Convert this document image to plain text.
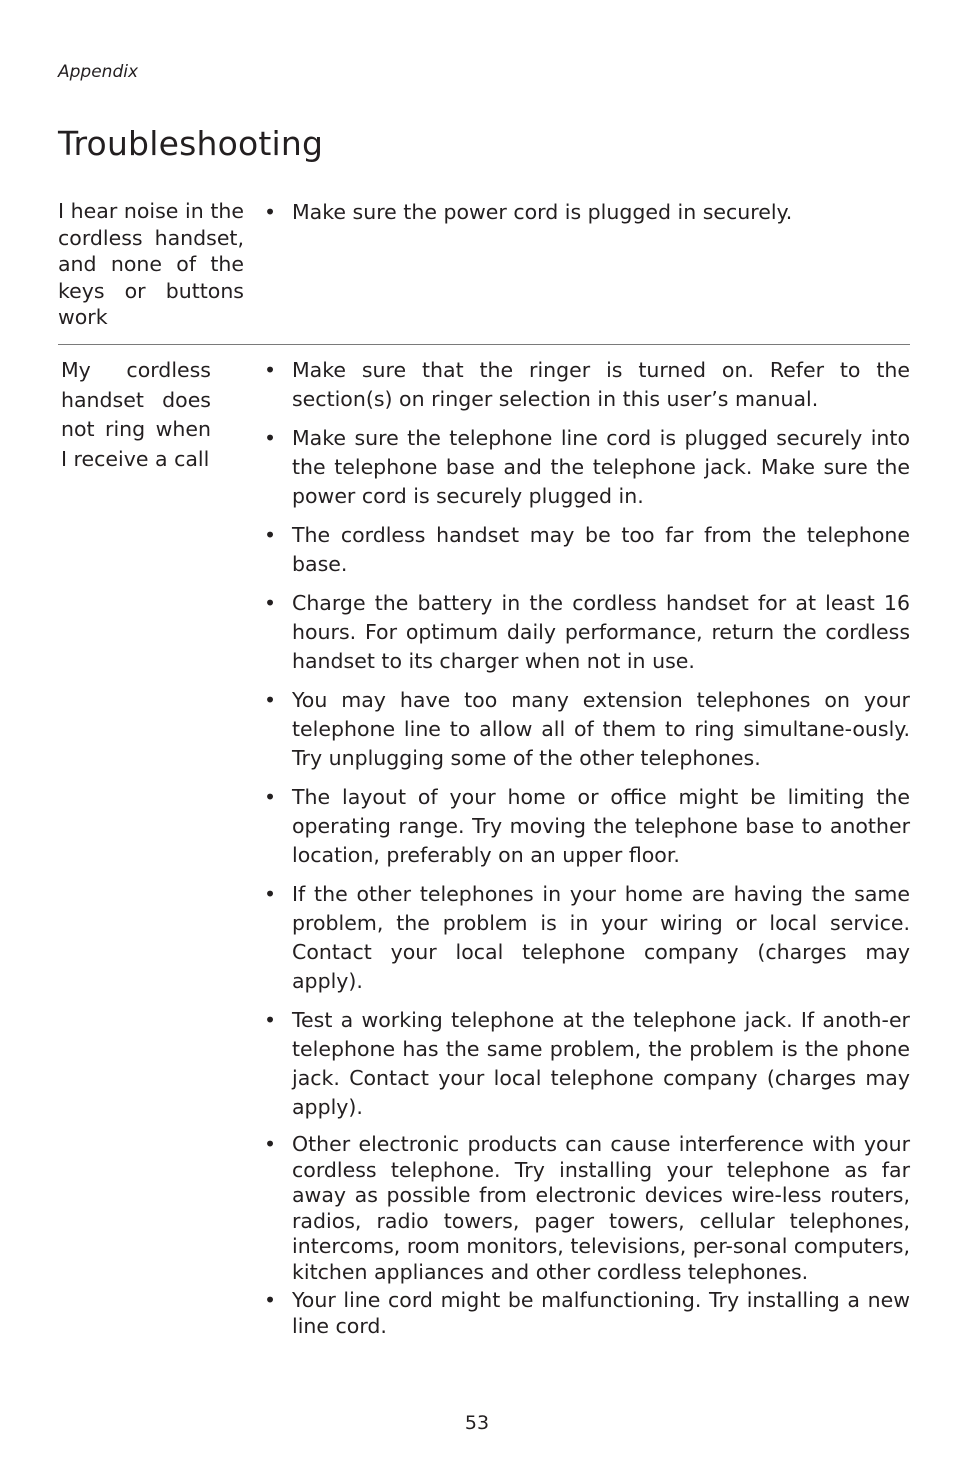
Appendix
Troubleshooting
I hear noise in the cordless handset, and none of the keys or buttons work
• Make sure the power cord is plugged in securely.
My cordless handset does not ring when I receive a call
• Make sure that the ringer is turned on. Refer to the section(s) on ringer selection in this user’s manual.
• Make sure the telephone line cord is plugged securely into the telephone base and the telephone jack. Make sure the power cord is securely plugged in.
• The cordless handset may be too far from the telephone base.
• Charge the battery in the cordless handset for at least 16 hours. For optimum daily performance, return the cordless handset to its charger when not in use.
• You may have too many extension telephones on your telephone line to allow all of them to ring simultane-ously. Try unplugging some of the other telephones.
• The layout of your home or office might be limiting the operating range. Try moving the telephone base to another location, preferably on an upper floor.
• If the other telephones in your home are having the same problem, the problem is in your wiring or local service. Contact your local telephone company (charges may apply).
• Test a working telephone at the telephone jack. If anoth-er telephone has the same problem, the problem is the phone jack. Contact your local telephone company (charges may apply).
• Other electronic products can cause interference with your cordless telephone. Try installing your telephone as far away as possible from electronic devices wire-less routers, radios, radio towers, pager towers, cellular telephones, intercoms, room monitors, televisions, per-sonal computers, kitchen appliances and other cordless telephones.
• Your line cord might be malfunctioning. Try installing a new line cord.
53
